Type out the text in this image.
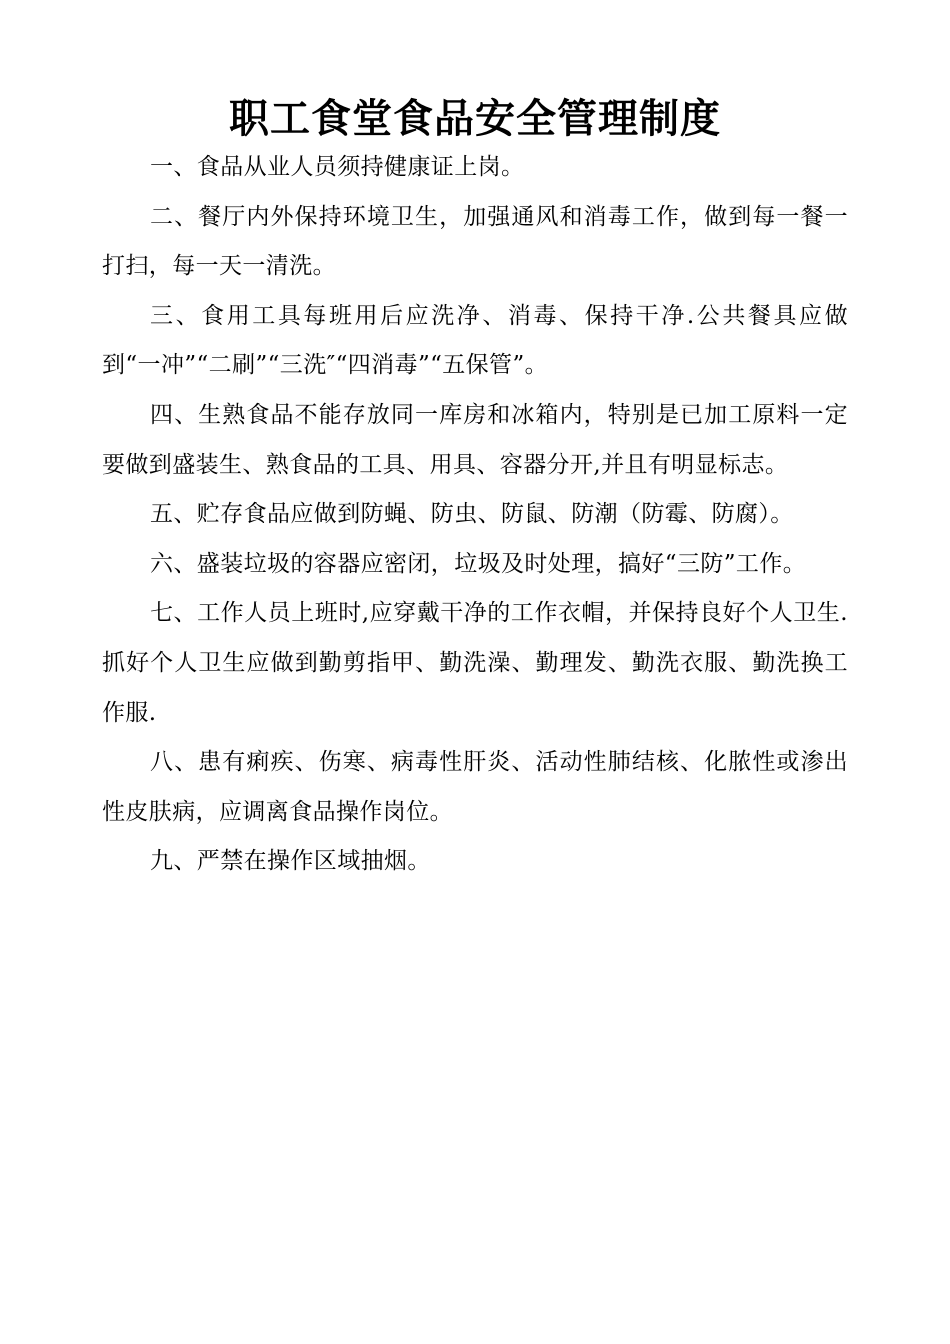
职工食堂食品安全管理制度

一、食品从业人员须持健康证上岗。

二、餐厅内外保持环境卫生，加强通风和消毒工作，做到每一餐一打扫，每一天一清洗。

三、食用工具每班用后应洗净、消毒、保持干净.公共餐具应做到“一冲”“二刷”“三洗″“四消毒”“五保管”。

四、生熟食品不能存放同一库房和冰箱内，特别是已加工原料一定要做到盛装生、熟食品的工具、用具、容器分开,并且有明显标志。

五、贮存食品应做到防蝇、防虫、防鼠、防潮（防霉、防腐）。

六、盛装垃圾的容器应密闭，垃圾及时处理，搞好“三防”工作。

七、工作人员上班时,应穿戴干净的工作衣帽，并保持良好个人卫生.抓好个人卫生应做到勤剪指甲、勤洗澡、勤理发、勤洗衣服、勤洗换工作服.

八、患有痢疾、伤寒、病毒性肝炎、活动性肺结核、化脓性或渗出性皮肤病，应调离食品操作岗位。

九、严禁在操作区域抽烟。
